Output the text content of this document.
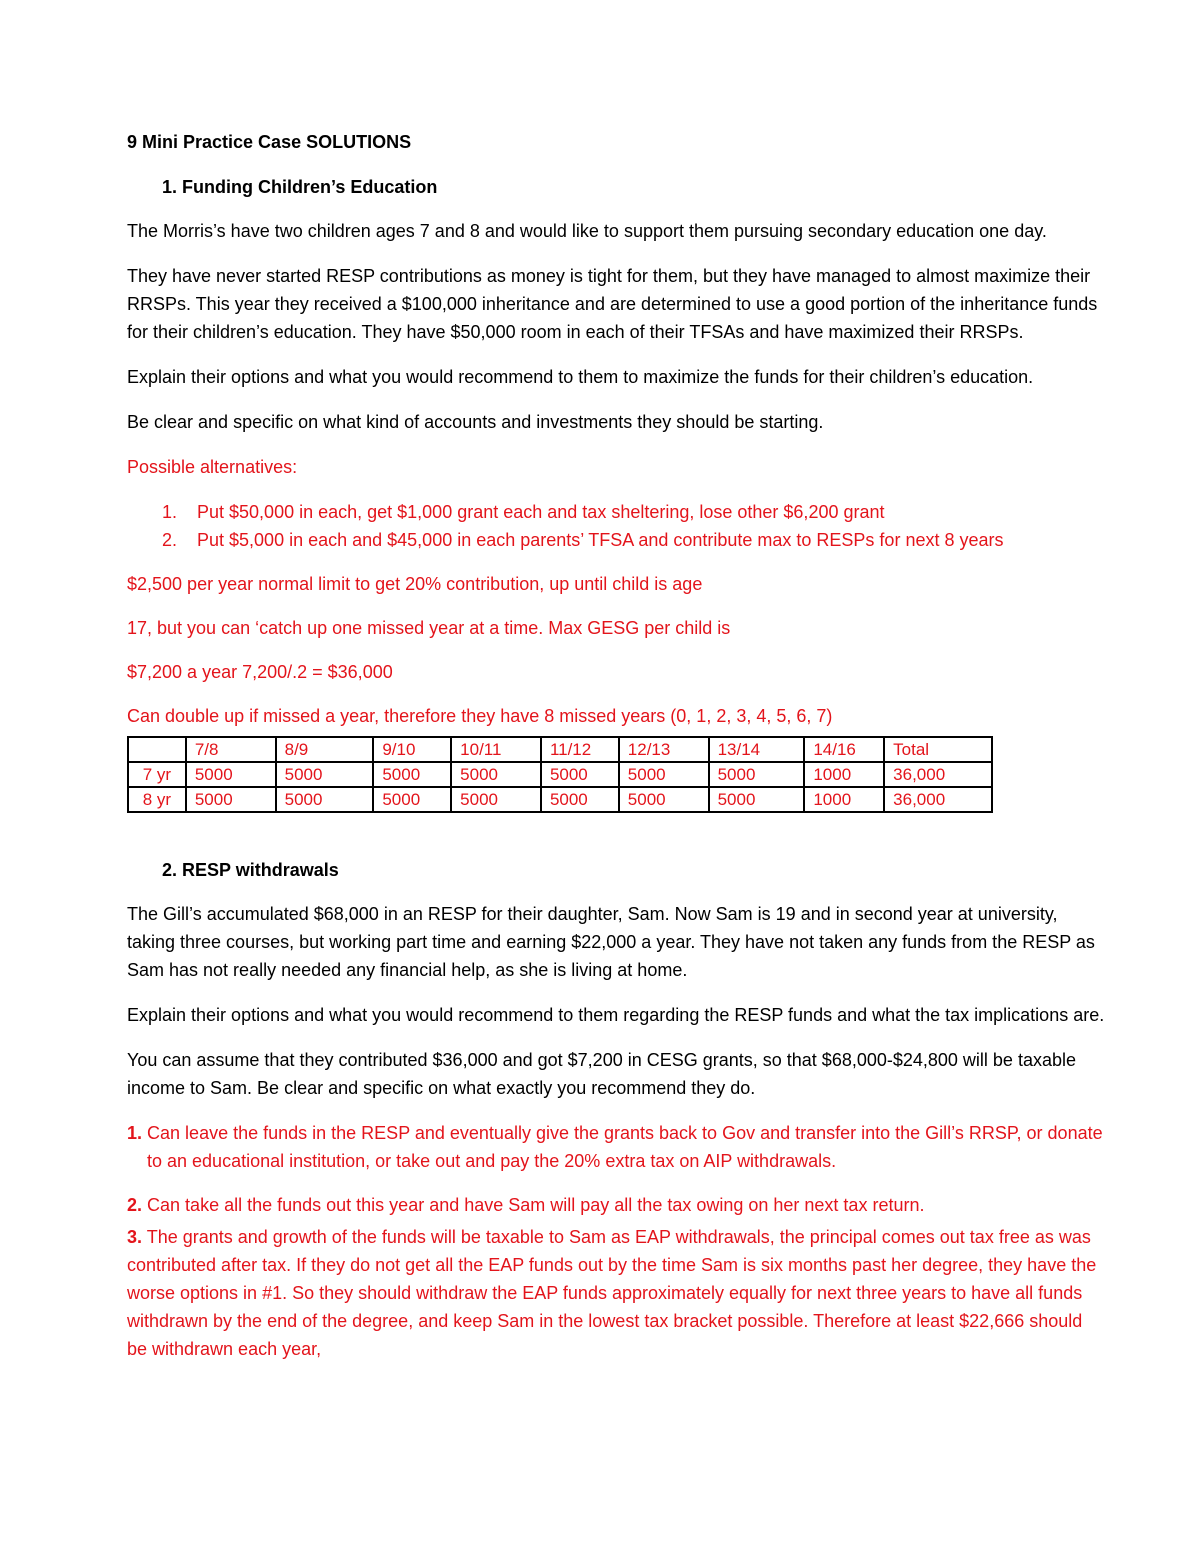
9 Mini Practice Case SOLUTIONS

1. Funding Children’s Education

The Morris’s have two children ages 7 and 8 and would like to support them pursuing secondary education one day.

They have never started RESP contributions as money is tight for them, but they have managed to almost maximize their RRSPs. This year they received a $100,000 inheritance and are determined to use a good portion of the inheritance funds for their children’s education. They have $50,000 room in each of their TFSAs and have maximized their RRSPs.

Explain their options and what you would recommend to them to maximize the funds for their children’s education.

Be clear and specific on what kind of accounts and investments they should be starting.

Possible alternatives:

1. Put $50,000 in each, get $1,000 grant each and tax sheltering, lose other $6,200 grant
2. Put $5,000 in each and $45,000 in each parents’ TFSA and contribute max to RESPs for next 8 years

$2,500 per year normal limit to get 20% contribution, up until child is age

17, but you can ‘catch up one missed year at a time. Max GESG per child is

$7,200 a year 7,200/.2 = $36,000

Can double up if missed a year, therefore they have 8 missed years (0, 1, 2, 3, 4, 5, 6, 7)

	7/8	8/9	9/10	10/11	11/12	12/13	13/14	14/16	Total
7 yr	5000	5000	5000	5000	5000	5000	5000	1000	36,000
8 yr	5000	5000	5000	5000	5000	5000	5000	1000	36,000

2. RESP withdrawals

The Gill’s accumulated $68,000 in an RESP for their daughter, Sam. Now Sam is 19 and in second year at university, taking three courses, but working part time and earning $22,000 a year. They have not taken any funds from the RESP as Sam has not really needed any financial help, as she is living at home.

Explain their options and what you would recommend to them regarding the RESP funds and what the tax implications are.

You can assume that they contributed $36,000 and got $7,200 in CESG grants, so that $68,000-$24,800 will be taxable income to Sam. Be clear and specific on what exactly you recommend they do.

1. Can leave the funds in the RESP and eventually give the grants back to Gov and transfer into the Gill’s RRSP, or donate to an educational institution, or take out and pay the 20% extra tax on AIP withdrawals.

2. Can take all the funds out this year and have Sam will pay all the tax owing on her next tax return.

3. The grants and growth of the funds will be taxable to Sam as EAP withdrawals, the principal comes out tax free as was contributed after tax. If they do not get all the EAP funds out by the time Sam is six months past her degree, they have the worse options in #1. So they should withdraw the EAP funds approximately equally for next three years to have all funds withdrawn by the end of the degree, and keep Sam in the lowest tax bracket possible. Therefore at least $22,666 should be withdrawn each year,
